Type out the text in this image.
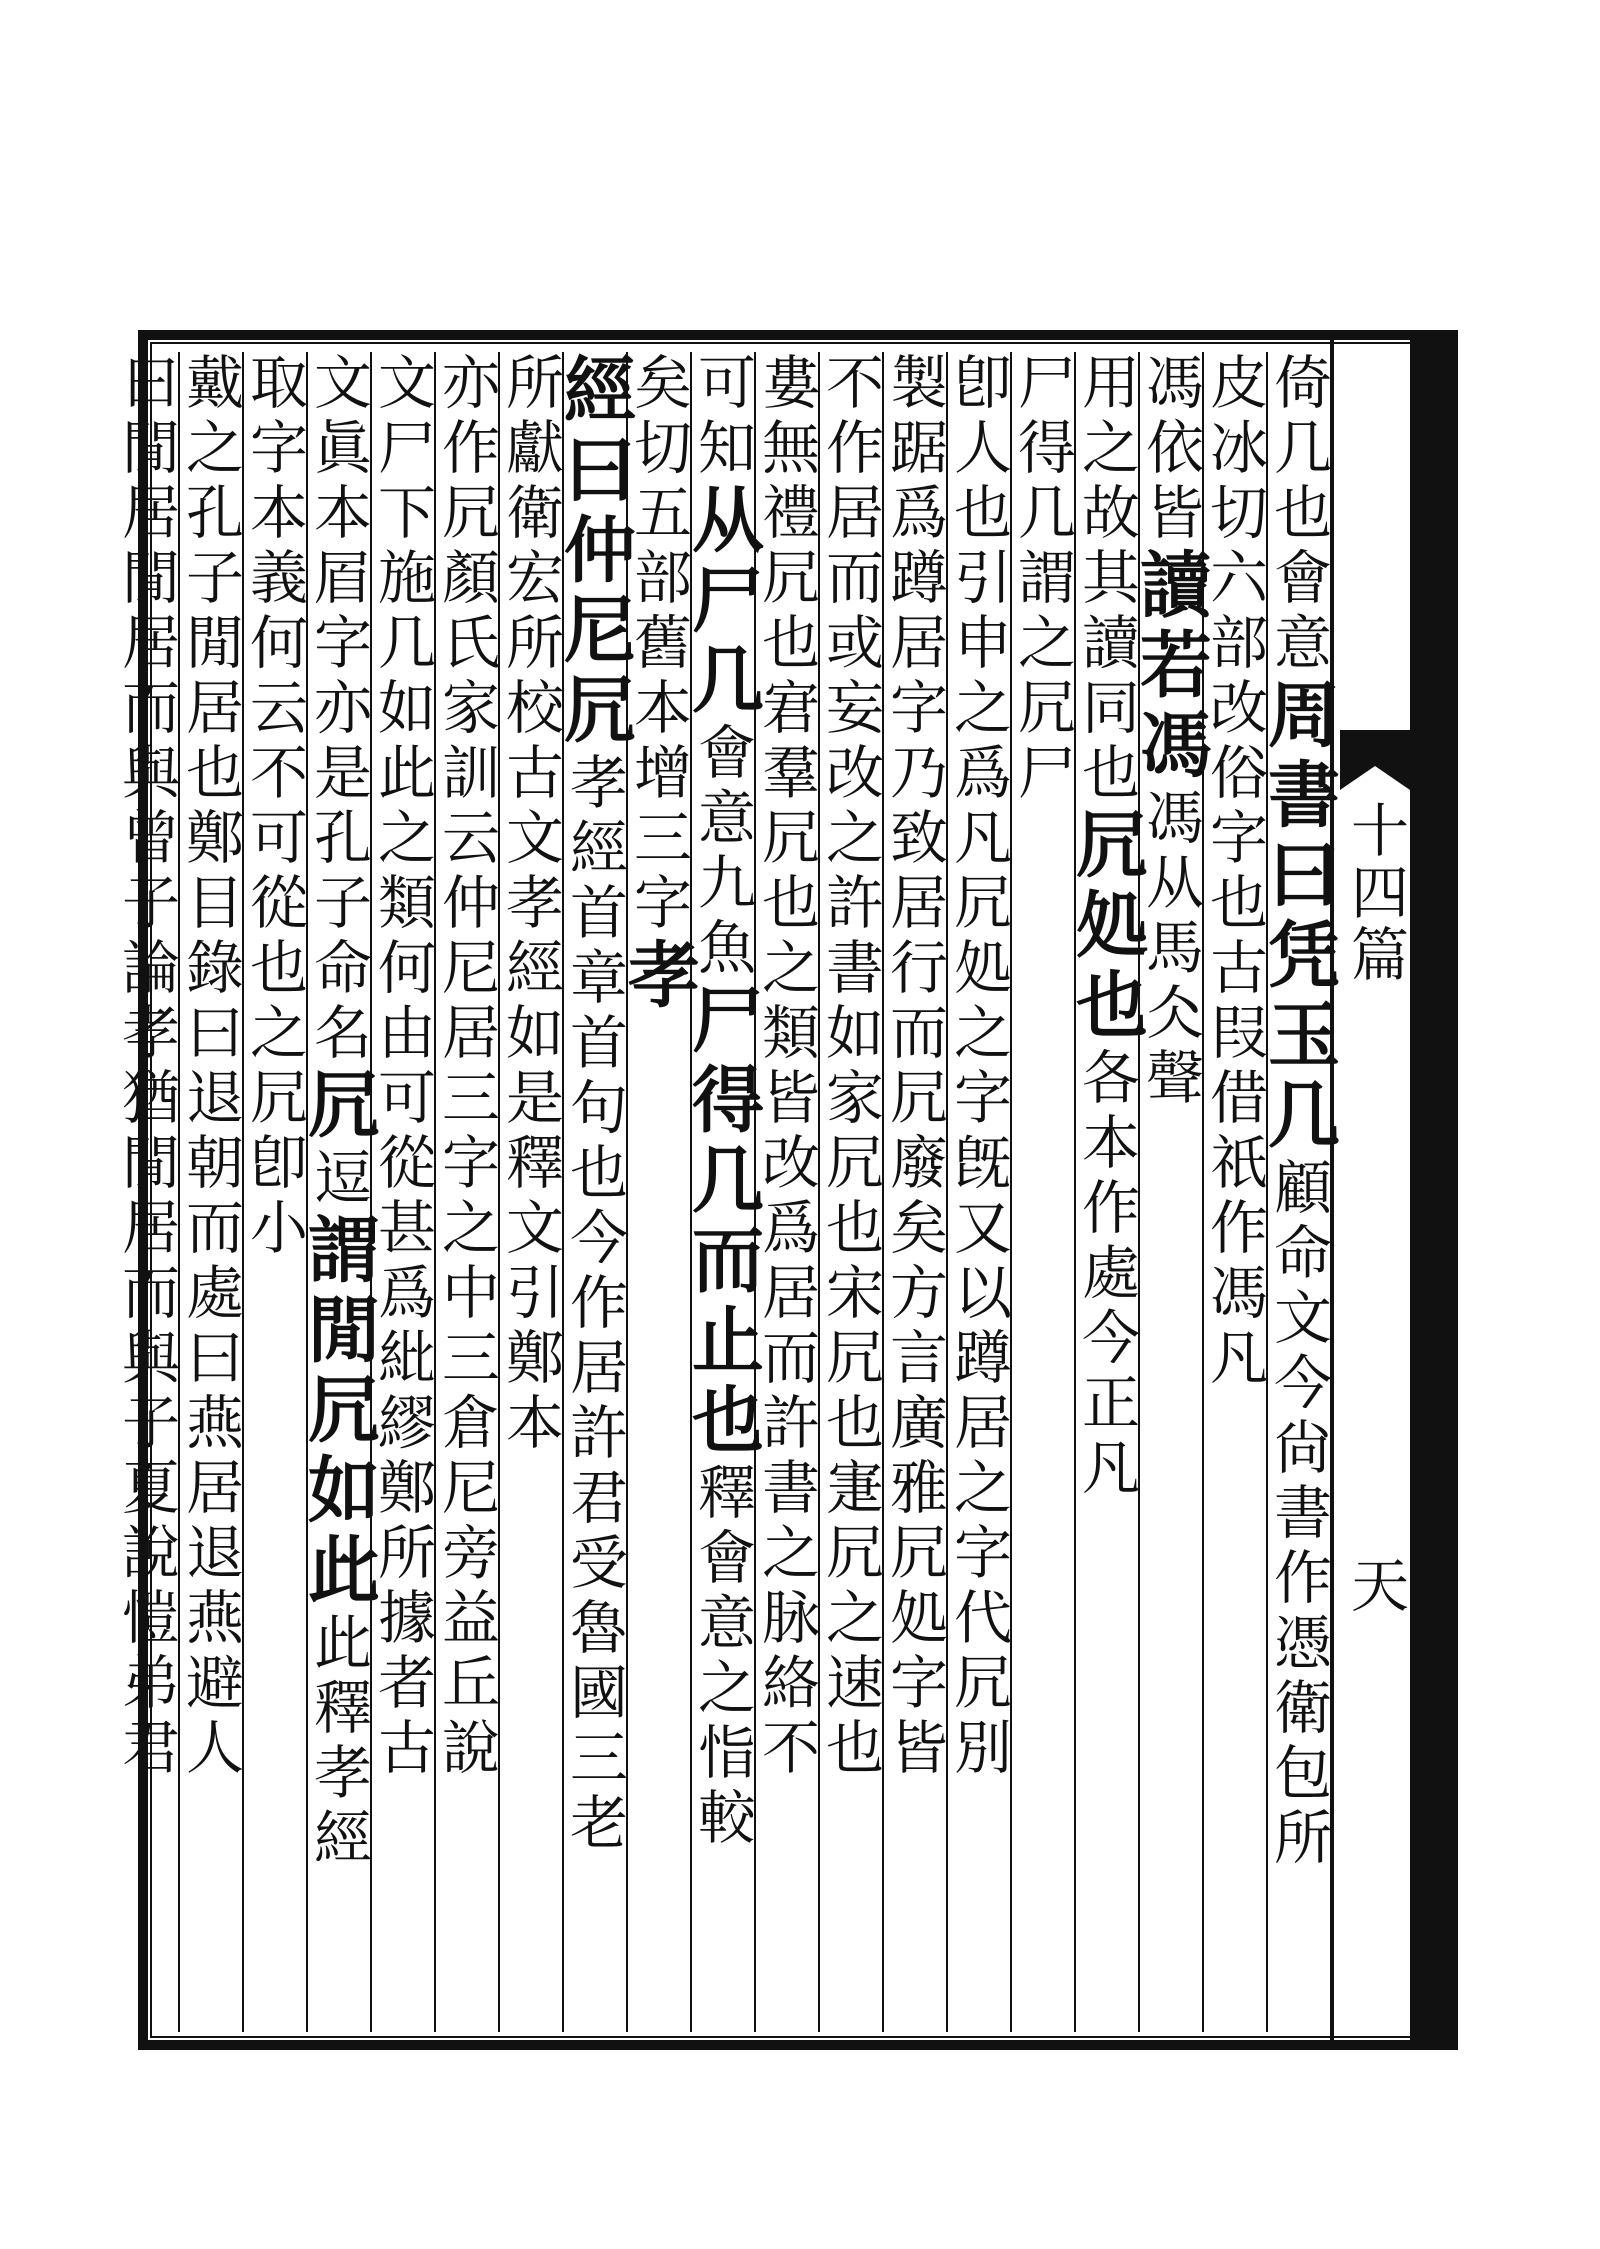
十四篇
天
倚几也會意周書曰凭玉几顧命文今尙書作憑衛包所
皮冰切六部改俗字也古叚借祇作馮凡
馮依皆讀若馮馮从馬仌聲
用之故其讀同也凥処也各本作處今正凡
尸得几謂之凥尸
卽人也引申之爲凡凥処之字旣又以蹲居之字代凥別
製踞爲蹲居字乃致居行而凥廢矣方言廣雅凥処字皆
不作居而或妄改之許書如家凥也宋凥也寁凥之速也
婁無禮凥也宭羣凥也之類皆改爲居而許書之脉絡不
可知从尸几會意九魚尸得几而止也釋會意之恉較
矣切五部舊本增三字孝
經曰仲尼凥孝經首章首句也今作居許君受魯國三老
所獻衛宏所校古文孝經如是釋文引鄭本
亦作凥顏氏家訓云仲尼居三字之中三倉尼旁益丘說
文尸下施几如此之類何由可從甚爲紕繆鄭所據者古
文眞本㞒字亦是孔子命名凥逗謂閒凥如此此釋孝經
取字本義何云不可從也之凥卽小
戴之孔子閒居也鄭目錄曰退朝而處曰燕居退燕避人
曰閒居閒居而與曾子論孝猶閒居而與子夏說愷弟君
